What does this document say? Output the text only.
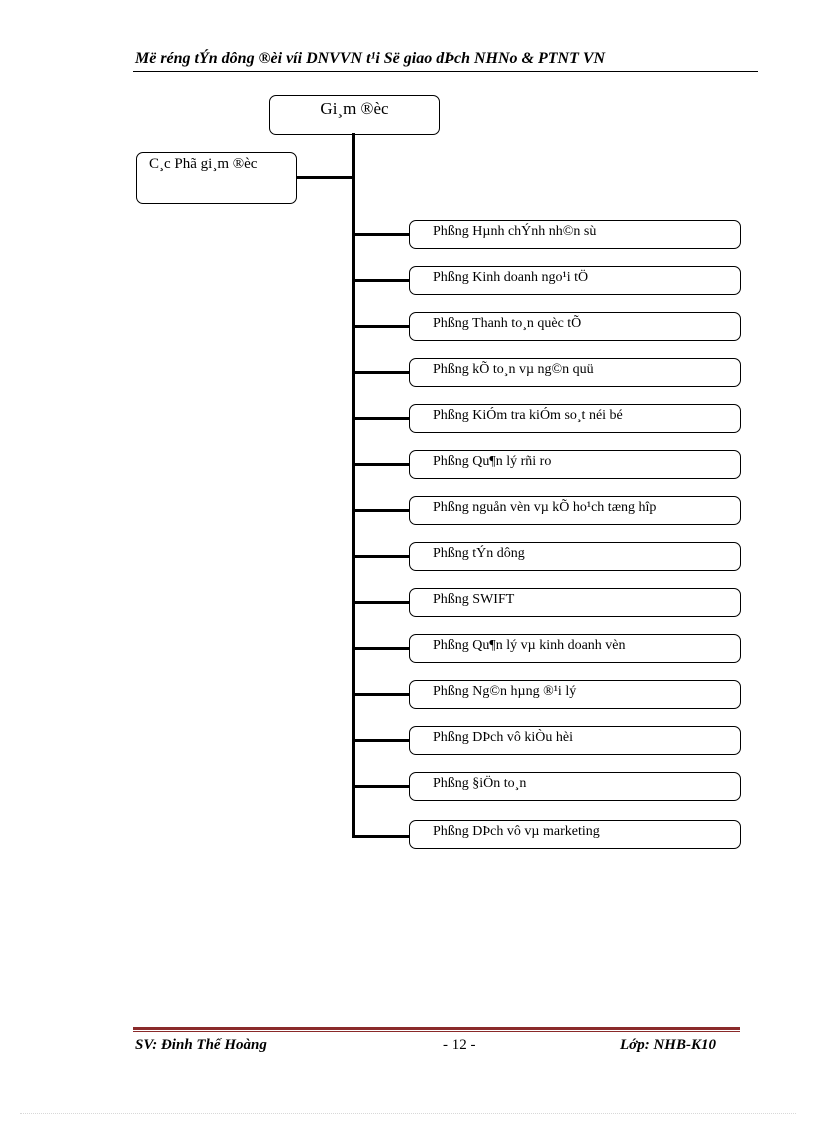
Më réng tÝn dông ®èi víi DNVVN t¹i Së giao dÞch NHNo & PTNT VN
Gi¸m ®èc
C¸c Phã gi¸m ®èc
Phßng Hµnh chÝnh nh©n sù
Phßng Kinh doanh ngo¹i tÖ
Phßng Thanh to¸n quèc tÕ
Phßng kÕ to¸n vµ ng©n quü
Phßng KiÓm tra kiÓm so¸t néi bé
Phßng Qu¶n lý rñi ro
Phßng nguån vèn vµ kÕ ho¹ch tæng hîp
Phßng tÝn dông
Phßng SWIFT
Phßng Qu¶n lý vµ kinh doanh vèn
Phßng Ng©n hµng ®¹i lý
Phßng DÞch vô kiÒu hèi
Phßng §iÖn to¸n
Phßng DÞch vô vµ marketing
SV: Đinh Thế Hoàng	- 12 -	Lớp: NHB-K10
